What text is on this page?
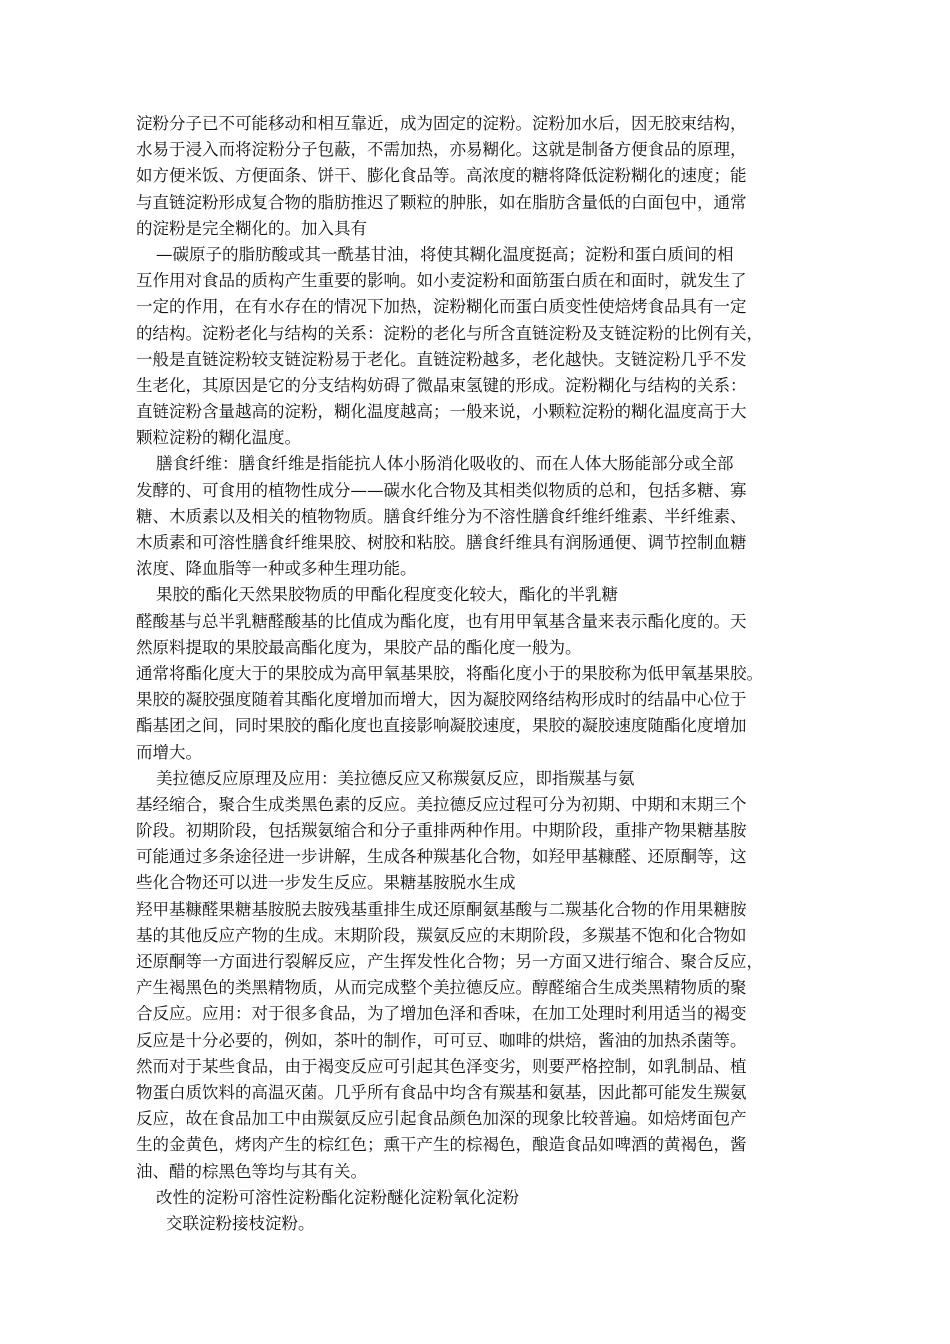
淀粉分子已不可能移动和相互靠近，成为固定的淀粉。淀粉加水后，因无胶束结构，
水易于浸入而将淀粉分子包蔽，不需加热，亦易糊化。这就是制备方便食品的原理，
如方便米饭、方便面条、饼干、膨化食品等。高浓度的糖将降低淀粉糊化的速度；能
与直链淀粉形成复合物的脂肪推迟了颗粒的肿胀，如在脂肪含量低的白面包中，通常
的淀粉是完全糊化的。加入具有
—碳原子的脂肪酸或其一酰基甘油，将使其糊化温度挺高；淀粉和蛋白质间的相
互作用对食品的质构产生重要的影响。如小麦淀粉和面筋蛋白质在和面时，就发生了
一定的作用，在有水存在的情况下加热，淀粉糊化而蛋白质变性使焙烤食品具有一定
的结构。淀粉老化与结构的关系：淀粉的老化与所含直链淀粉及支链淀粉的比例有关，
一般是直链淀粉较支链淀粉易于老化。直链淀粉越多，老化越快。支链淀粉几乎不发
生老化，其原因是它的分支结构妨碍了微晶束氢键的形成。淀粉糊化与结构的关系：
直链淀粉含量越高的淀粉，糊化温度越高；一般来说，小颗粒淀粉的糊化温度高于大
颗粒淀粉的糊化温度。
膳食纤维：膳食纤维是指能抗人体小肠消化吸收的、而在人体大肠能部分或全部
发酵的、可食用的植物性成分——碳水化合物及其相类似物质的总和，包括多糖、寡
糖、木质素以及相关的植物物质。膳食纤维分为不溶性膳食纤维纤维素、半纤维素、
木质素和可溶性膳食纤维果胶、树胶和粘胶。膳食纤维具有润肠通便、调节控制血糖
浓度、降血脂等一种或多种生理功能。
果胶的酯化天然果胶物质的甲酯化程度变化较大，酯化的半乳糖
醛酸基与总半乳糖醛酸基的比值成为酯化度，也有用甲氧基含量来表示酯化度的。天
然原料提取的果胶最高酯化度为，果胶产品的酯化度一般为。
通常将酯化度大于的果胶成为高甲氧基果胶，将酯化度小于的果胶称为低甲氧基果胶。
果胶的凝胶强度随着其酯化度增加而增大，因为凝胶网络结构形成时的结晶中心位于
酯基团之间，同时果胶的酯化度也直接影响凝胶速度，果胶的凝胶速度随酯化度增加
而增大。
美拉德反应原理及应用：美拉德反应又称羰氨反应，即指羰基与氨
基经缩合，聚合生成类黑色素的反应。美拉德反应过程可分为初期、中期和末期三个
阶段。初期阶段，包括羰氨缩合和分子重排两种作用。中期阶段，重排产物果糖基胺
可能通过多条途径进一步讲解，生成各种羰基化合物，如羟甲基糠醛、还原酮等，这
些化合物还可以进一步发生反应。果糖基胺脱水生成
羟甲基糠醛果糖基胺脱去胺残基重排生成还原酮氨基酸与二羰基化合物的作用果糖胺
基的其他反应产物的生成。末期阶段，羰氨反应的末期阶段，多羰基不饱和化合物如
还原酮等一方面进行裂解反应，产生挥发性化合物；另一方面又进行缩合、聚合反应，
产生褐黑色的类黑精物质，从而完成整个美拉德反应。醇醛缩合生成类黑精物质的聚
合反应。应用：对于很多食品，为了增加色泽和香味，在加工处理时利用适当的褐变
反应是十分必要的，例如，茶叶的制作，可可豆、咖啡的烘焙，酱油的加热杀菌等。
然而对于某些食品，由于褐变反应可引起其色泽变劣，则要严格控制，如乳制品、植
物蛋白质饮料的高温灭菌。几乎所有食品中均含有羰基和氨基，因此都可能发生羰氨
反应，故在食品加工中由羰氨反应引起食品颜色加深的现象比较普遍。如焙烤面包产
生的金黄色，烤肉产生的棕红色；熏干产生的棕褐色，酿造食品如啤酒的黄褐色，酱
油、醋的棕黑色等均与其有关。
改性的淀粉可溶性淀粉酯化淀粉醚化淀粉氧化淀粉
交联淀粉接枝淀粉。
